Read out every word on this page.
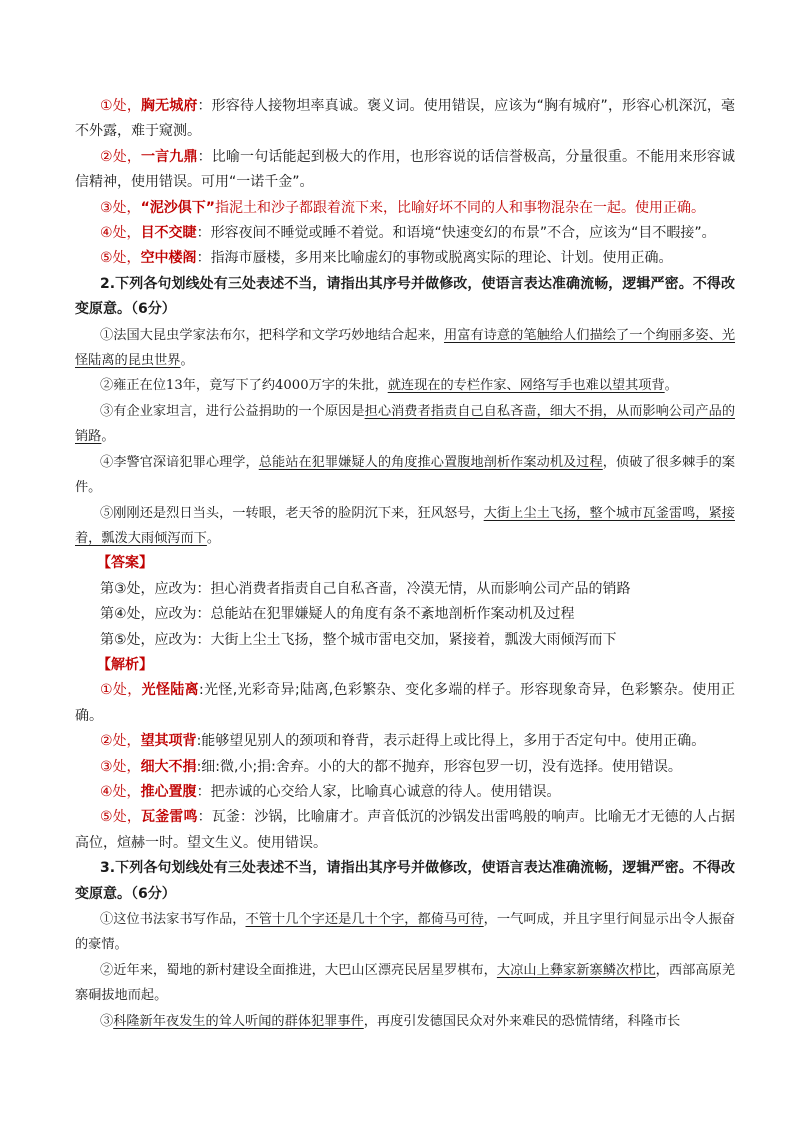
①处，胸无城府：形容待人接物坦率真诚。褒义词。使用错误，应该为“胸有城府”，形容心机深沉，毫不外露，难于窥测。

②处，一言九鼎：比喻一句话能起到极大的作用，也形容说的话信誉极高，分量很重。不能用来形容诚信精神，使用错误。可用“一诺千金”。

③处，“泥沙俱下”指泥土和沙子都跟着流下来，比喻好坏不同的人和事物混杂在一起。使用正确。

④处，目不交睫：形容夜间不睡觉或睡不着觉。和语境“快速变幻的布景”不合，应该为“目不暇接”。

⑤处，空中楼阁：指海市蜃楼，多用来比喻虚幻的事物或脱离实际的理论、计划。使用正确。

2.下列各句划线处有三处表述不当，请指出其序号并做修改，使语言表达准确流畅，逻辑严密。不得改变原意。（6分）

①法国大昆虫学家法布尔，把科学和文学巧妙地结合起来，用富有诗意的笔触给人们描绘了一个绚丽多姿、光怪陆离的昆虫世界。

②雍正在位13年，竟写下了约4000万字的朱批，就连现在的专栏作家、网络写手也难以望其项背。

③有企业家坦言，进行公益捐助的一个原因是担心消费者指责自己自私吝啬，细大不捐，从而影响公司产品的销路。

④李警官深谙犯罪心理学，总能站在犯罪嫌疑人的角度推心置腹地剖析作案动机及过程，侦破了很多棘手的案件。

⑤刚刚还是烈日当头，一转眼，老天爷的脸阴沉下来，狂风怒号，大街上尘土飞扬，整个城市瓦釜雷鸣，紧接着，瓢泼大雨倾泻而下。

【答案】

第③处，应改为：担心消费者指责自己自私吝啬，冷漠无情，从而影响公司产品的销路

第④处，应改为：总能站在犯罪嫌疑人的角度有条不紊地剖析作案动机及过程

第⑤处，应改为：大街上尘土飞扬，整个城市雷电交加，紧接着，瓢泼大雨倾泻而下

【解析】

①处，光怪陆离:光怪,光彩奇异;陆离,色彩繁杂、变化多端的样子。形容现象奇异，色彩繁杂。使用正确。

②处，望其项背:能够望见别人的颈项和脊背，表示赶得上或比得上，多用于否定句中。使用正确。

③处，细大不捐:细:微,小;捐:舍弃。小的大的都不抛弃，形容包罗一切，没有选择。使用错误。

④处，推心置腹：把赤诚的心交给人家，比喻真心诚意的待人。使用错误。

⑤处，瓦釜雷鸣：瓦釜：沙锅，比喻庸才。声音低沉的沙锅发出雷鸣般的响声。比喻无才无德的人占据高位，煊赫一时。望文生义。使用错误。

3.下列各句划线处有三处表述不当，请指出其序号并做修改，使语言表达准确流畅，逻辑严密。不得改变原意。（6分）

①这位书法家书写作品，不管十几个字还是几十个字，都倚马可待，一气呵成，并且字里行间显示出令人振奋的豪情。

②近年来，蜀地的新村建设全面推进，大巴山区漂亮民居星罗棋布，大凉山上彝家新寨鳞次栉比，西部高原羌寨硐拔地而起。

③科隆新年夜发生的耸人听闻的群体犯罪事件，再度引发德国民众对外来难民的恐慌情绪，科隆市长
